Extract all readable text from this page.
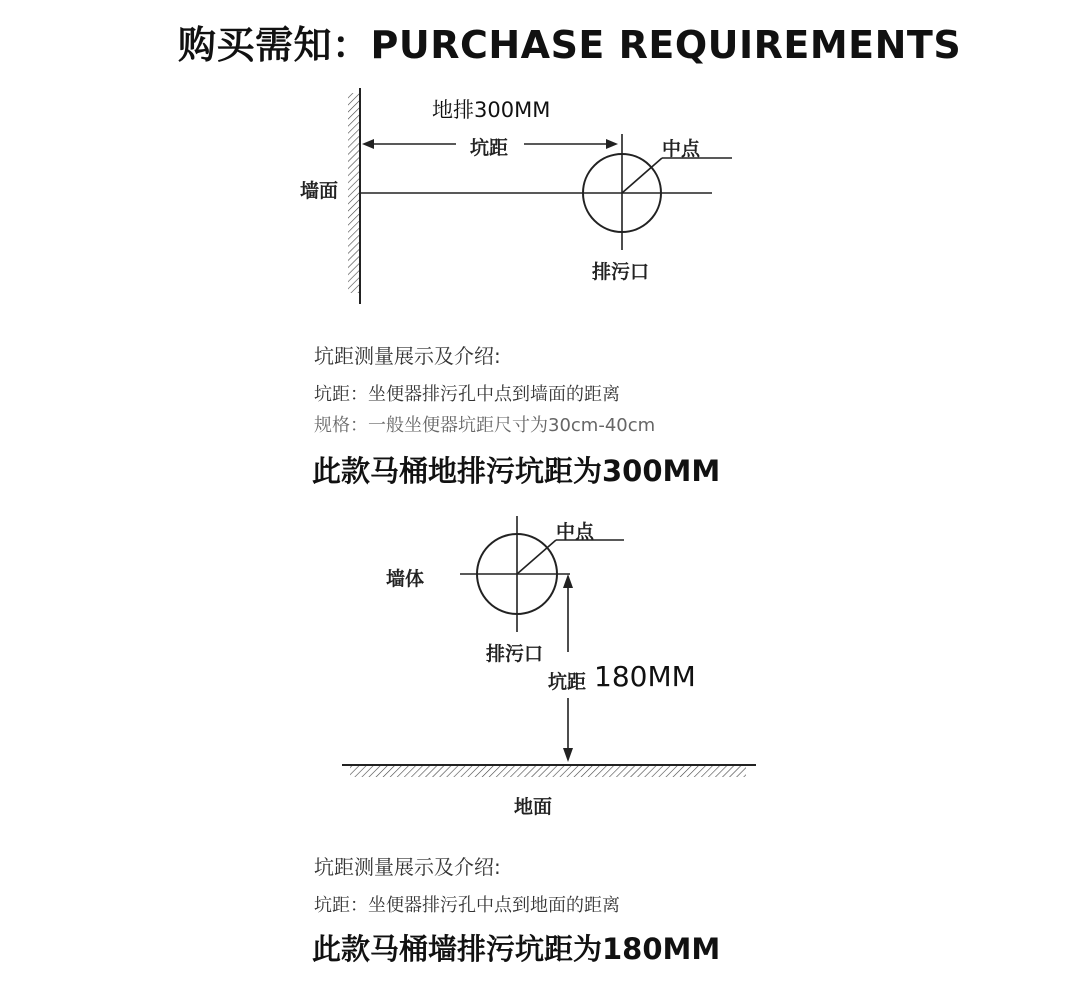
购买需知：PURCHASE REQUIREMENTS
地排300MM
坑距	中点
墙面
排污口
坑距测量展示及介绍:
坑距：坐便器排污孔中点到墙面的距离
规格：一般坐便器坑距尺寸为30cm-40cm
此款马桶地排污坑距为300MM
中点
墙体
排污口
坑距 180MM
地面
坑距测量展示及介绍:
坑距：坐便器排污孔中点到地面的距离
此款马桶墙排污坑距为180MM
